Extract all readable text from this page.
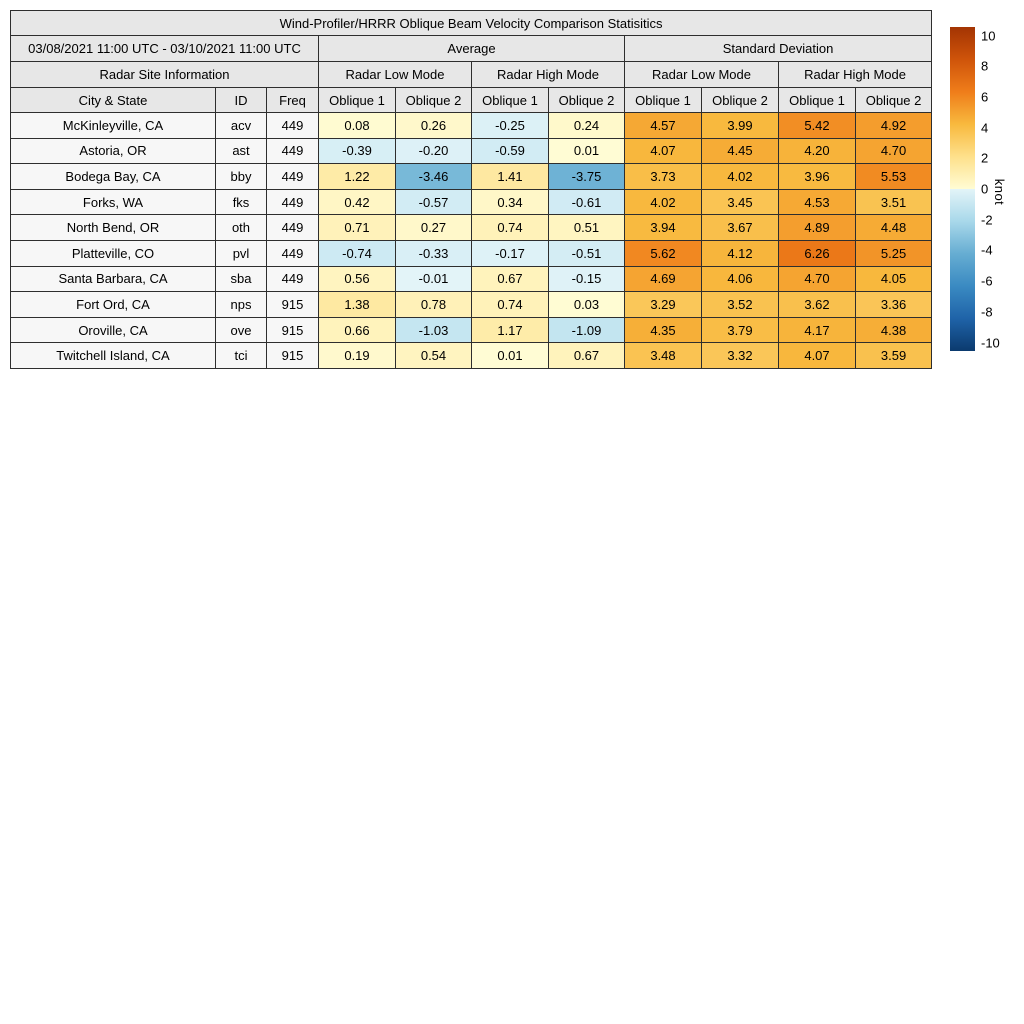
Wind-Profiler/HRRR Oblique Beam Velocity Comparison Statisitics										
03/08/2021 11:00 UTC - 03/10/2021 11:00 UTC			Average				Standard Deviation			
Radar Site Information			Radar Low Mode		Radar High Mode		Radar Low Mode		Radar High Mode	
City & State	ID	Freq	Oblique 1	Oblique 2	Oblique 1	Oblique 2	Oblique 1	Oblique 2	Oblique 1	Oblique 2
McKinleyville, CA	acv	449	0.08	0.26	-0.25	0.24	4.57	3.99	5.42	4.92
Astoria, OR	ast	449	-0.39	-0.20	-0.59	0.01	4.07	4.45	4.20	4.70
Bodega Bay, CA	bby	449	1.22	-3.46	1.41	-3.75	3.73	4.02	3.96	5.53
Forks, WA	fks	449	0.42	-0.57	0.34	-0.61	4.02	3.45	4.53	3.51
North Bend, OR	oth	449	0.71	0.27	0.74	0.51	3.94	3.67	4.89	4.48
Platteville, CO	pvl	449	-0.74	-0.33	-0.17	-0.51	5.62	4.12	6.26	5.25
Santa Barbara, CA	sba	449	0.56	-0.01	0.67	-0.15	4.69	4.06	4.70	4.05
Fort Ord, CA	nps	915	1.38	0.78	0.74	0.03	3.29	3.52	3.62	3.36
Oroville, CA	ove	915	0.66	-1.03	1.17	-1.09	4.35	3.79	4.17	4.38
Twitchell Island, CA	tci	915	0.19	0.54	0.01	0.67	3.48	3.32	4.07	3.59
10
8
6
4
2
0
-2
-4
-6
-8
-10
knot
